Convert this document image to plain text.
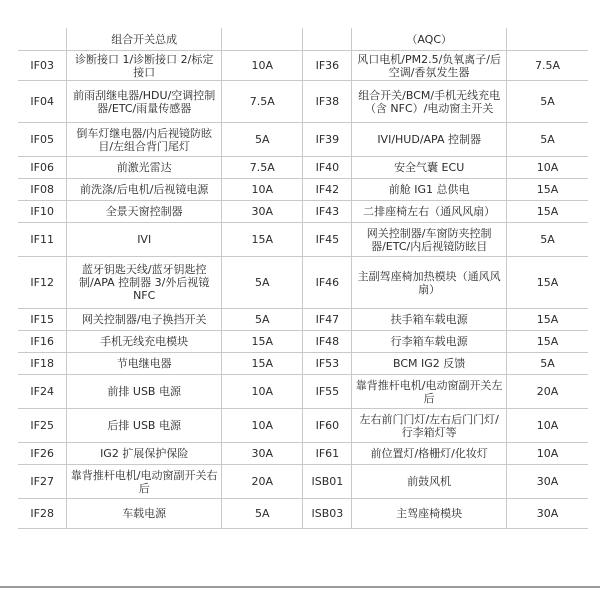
	组合开关总成			（AQC）	
IF03	诊断接口 1/诊断接口 2/标定接口	10A	IF36	风口电机/PM2.5/负氧离子/后空调/香氛发生器	7.5A
IF04	前雨刮继电器/HDU/空调控制器/ETC/雨量传感器	7.5A	IF38	组合开关/BCM/手机无线充电（含 NFC）/电动窗主开关	5A
IF05	倒车灯继电器/内后视镜防眩目/左组合背门尾灯	5A	IF39	IVI/HUD/APA 控制器	5A
IF06	前激光雷达	7.5A	IF40	安全气囊 ECU	10A
IF08	前洗涤/后电机/后视镜电源	10A	IF42	前舱 IG1 总供电	15A
IF10	全景天窗控制器	30A	IF43	二排座椅左右（通风风扇）	15A
IF11	IVI	15A	IF45	网关控制器/车窗防夹控制器/ETC/内后视镜防眩目	5A
IF12	蓝牙钥匙天线/蓝牙钥匙控制/APA 控制器 3/外后视镜 NFC	5A	IF46	主副驾座椅加热模块（通风风扇）	15A
IF15	网关控制器/电子换挡开关	5A	IF47	扶手箱车载电源	15A
IF16	手机无线充电模块	15A	IF48	行李箱车载电源	15A
IF18	节电继电器	15A	IF53	BCM IG2 反馈	5A
IF24	前排 USB 电源	10A	IF55	靠背推杆电机/电动窗副开关左后	20A
IF25	后排 USB 电源	10A	IF60	左右前门门灯/左右后门门灯/行李箱灯等	10A
IF26	IG2 扩展保护保险	30A	IF61	前位置灯/格栅灯/化妆灯	10A
IF27	靠背推杆电机/电动窗副开关右后	20A	ISB01	前鼓风机	30A
IF28	车载电源	5A	ISB03	主驾座椅模块	30A
